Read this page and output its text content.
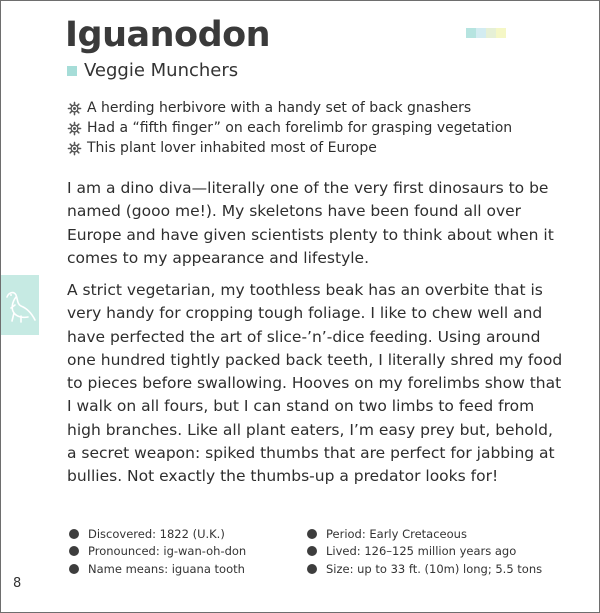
Iguanodon
Veggie Munchers
A herding herbivore with a handy set of back gnashers
Had a “fifth finger” on each forelimb for grasping vegetation
This plant lover inhabited most of Europe

I am a dino diva—literally one of the very first dinosaurs to be named (gooo me!). My skeletons have been found all over Europe and have given scientists plenty to think about when it comes to my appearance and lifestyle.

A strict vegetarian, my toothless beak has an overbite that is very handy for cropping tough foliage. I like to chew well and have perfected the art of slice-’n’-dice feeding. Using around one hundred tightly packed back teeth, I literally shred my food to pieces before swallowing. Hooves on my forelimbs show that I walk on all fours, but I can stand on two limbs to feed from high branches. Like all plant eaters, I’m easy prey but, behold, a secret weapon: spiked thumbs that are perfect for jabbing at bullies. Not exactly the thumbs-up a predator looks for!

Discovered: 1822 (U.K.)
Pronounced: ig-wan-oh-don
Name means: iguana tooth
Period: Early Cretaceous
Lived: 126–125 million years ago
Size: up to 33 ft. (10m) long; 5.5 tons
8
